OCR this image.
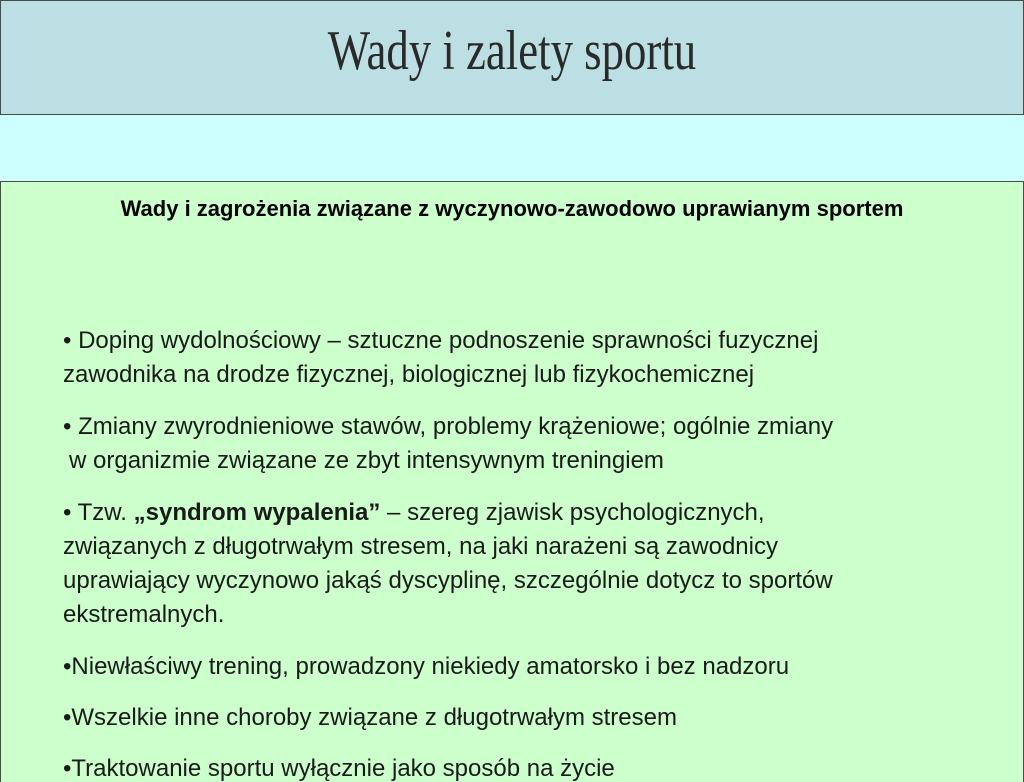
Wady i zalety sportu
Wady i zagrożenia związane z wyczynowo-zawodowo uprawianym sportem
• Doping wydolnościowy – sztuczne podnoszenie sprawności fuzycznej
zawodnika na drodze fizycznej, biologicznej lub fizykochemicznej
• Zmiany zwyrodnieniowe stawów, problemy krążeniowe; ogólnie zmiany
w organizmie związane ze zbyt intensywnym treningiem
• Tzw. „syndrom wypalenia” – szereg zjawisk psychologicznych,
związanych z długotrwałym stresem, na jaki narażeni są zawodnicy
uprawiający wyczynowo jakąś dyscyplinę, szczególnie dotycz to sportów
ekstremalnych.
•Niewłaściwy trening, prowadzony niekiedy amatorsko i bez nadzoru
•Wszelkie inne choroby związane z długotrwałym stresem
•Traktowanie sportu wyłącznie jako sposób na życie
